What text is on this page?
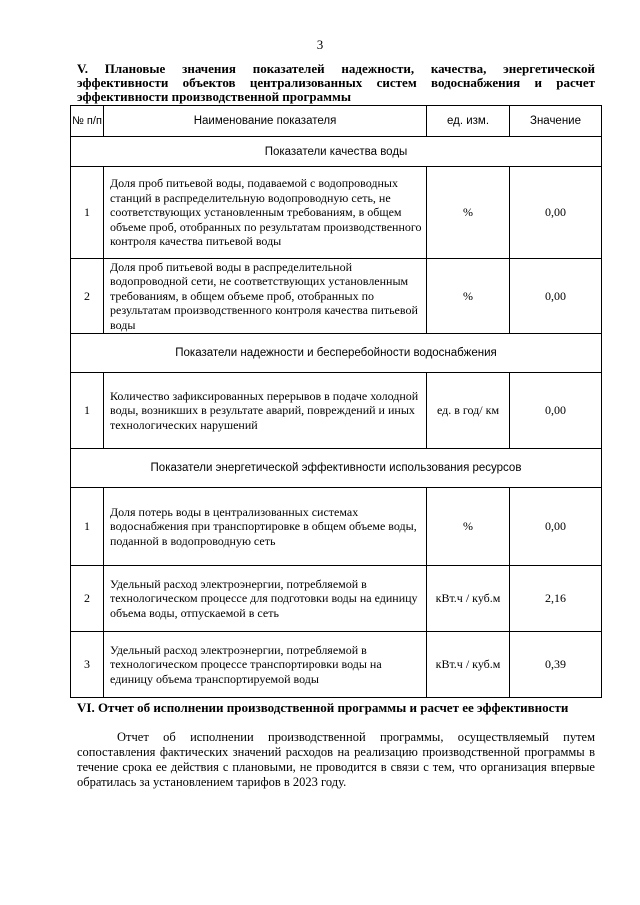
3
V. Плановые значения показателей надежности, качества, энергетической
эффективности объектов централизованных систем водоснабжения и расчет
эффективности производственной программы
№ п/п	Наименование показателя	ед. изм.	Значение
Показатели качества воды			
1	Доля проб питьевой воды, подаваемой с водопроводных станций в распределительную водопроводную сеть, не соответствующих установленным требованиям, в общем объеме проб, отобранных по результатам производственного контроля качества питьевой воды	%	0,00
2	Доля проб питьевой воды в распределительной водопроводной сети, не соответствующих установленным требованиям, в общем объеме проб, отобранных по результатам производственного контроля качества питьевой воды	%	0,00
Показатели надежности и бесперебойности водоснабжения			
1	Количество зафиксированных перерывов в подаче холодной воды, возникших в результате аварий, повреждений и иных технологических нарушений	ед. в год/ км	0,00
Показатели энергетической эффективности использования ресурсов			
1	Доля потерь воды в централизованных системах водоснабжения при транспортировке в общем объеме воды, поданной в водопроводную сеть	%	0,00
2	Удельный расход электроэнергии, потребляемой в технологическом процессе для подготовки воды на единицу объема воды, отпускаемой в сеть	кВт.ч / куб.м	2,16
3	Удельный расход электроэнергии, потребляемой в технологическом процессе транспортировки воды на единицу объема транспортируемой воды	кВт.ч / куб.м	0,39
VI. Отчет об исполнении производственной программы и расчет ее эффективности
Отчет об исполнении производственной программы, осуществляемый путем сопоставления фактических значений расходов на реализацию производственной программы в течение срока ее действия с плановыми, не проводится в связи с тем, что организация впервые обратилась за установлением тарифов в 2023 году.
